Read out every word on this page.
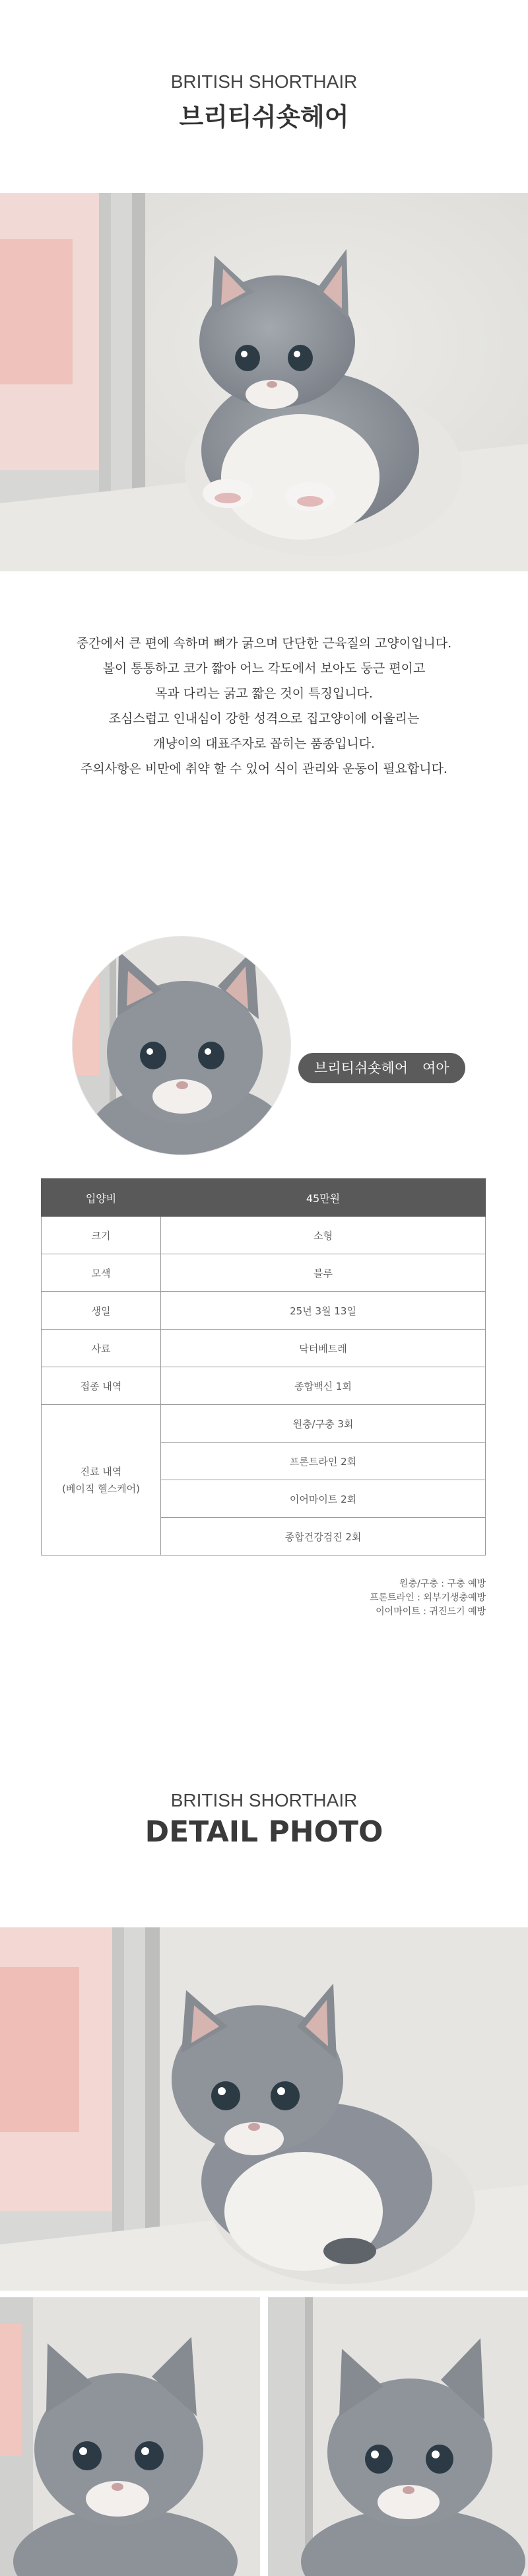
BRITISH SHORTHAIR
브리티쉬숏헤어
중간에서 큰 편에 속하며 뼈가 굵으며 단단한 근육질의 고양이입니다.
볼이 통통하고 코가 짧아 어느 각도에서 보아도 둥근 편이고
목과 다리는 굵고 짧은 것이 특징입니다.
조심스럽고 인내심이 강한 성격으로 집고양이에 어울리는
개냥이의 대표주자로 꼽히는 품종입니다.
주의사항은 비만에 취약 할 수 있어 식이 관리와 운동이 필요합니다.
브리티쉬숏헤어 여아
입양비	45만원
크기	소형
모색	블루
생일	25년 3월 13일
사료	닥터베트레
접종 내역	종합백신 1회

진료 내역
(베이직 헬스케어)	원충/구충 3회
	프론트라인 2회
	이어마이트 2회
	종합건강검진 2회
원충/구충 : 구충 예방
프론트라인 : 외부기생충예방
이어마이트 : 귀진드기 예방
BRITISH SHORTHAIR
DETAIL PHOTO
